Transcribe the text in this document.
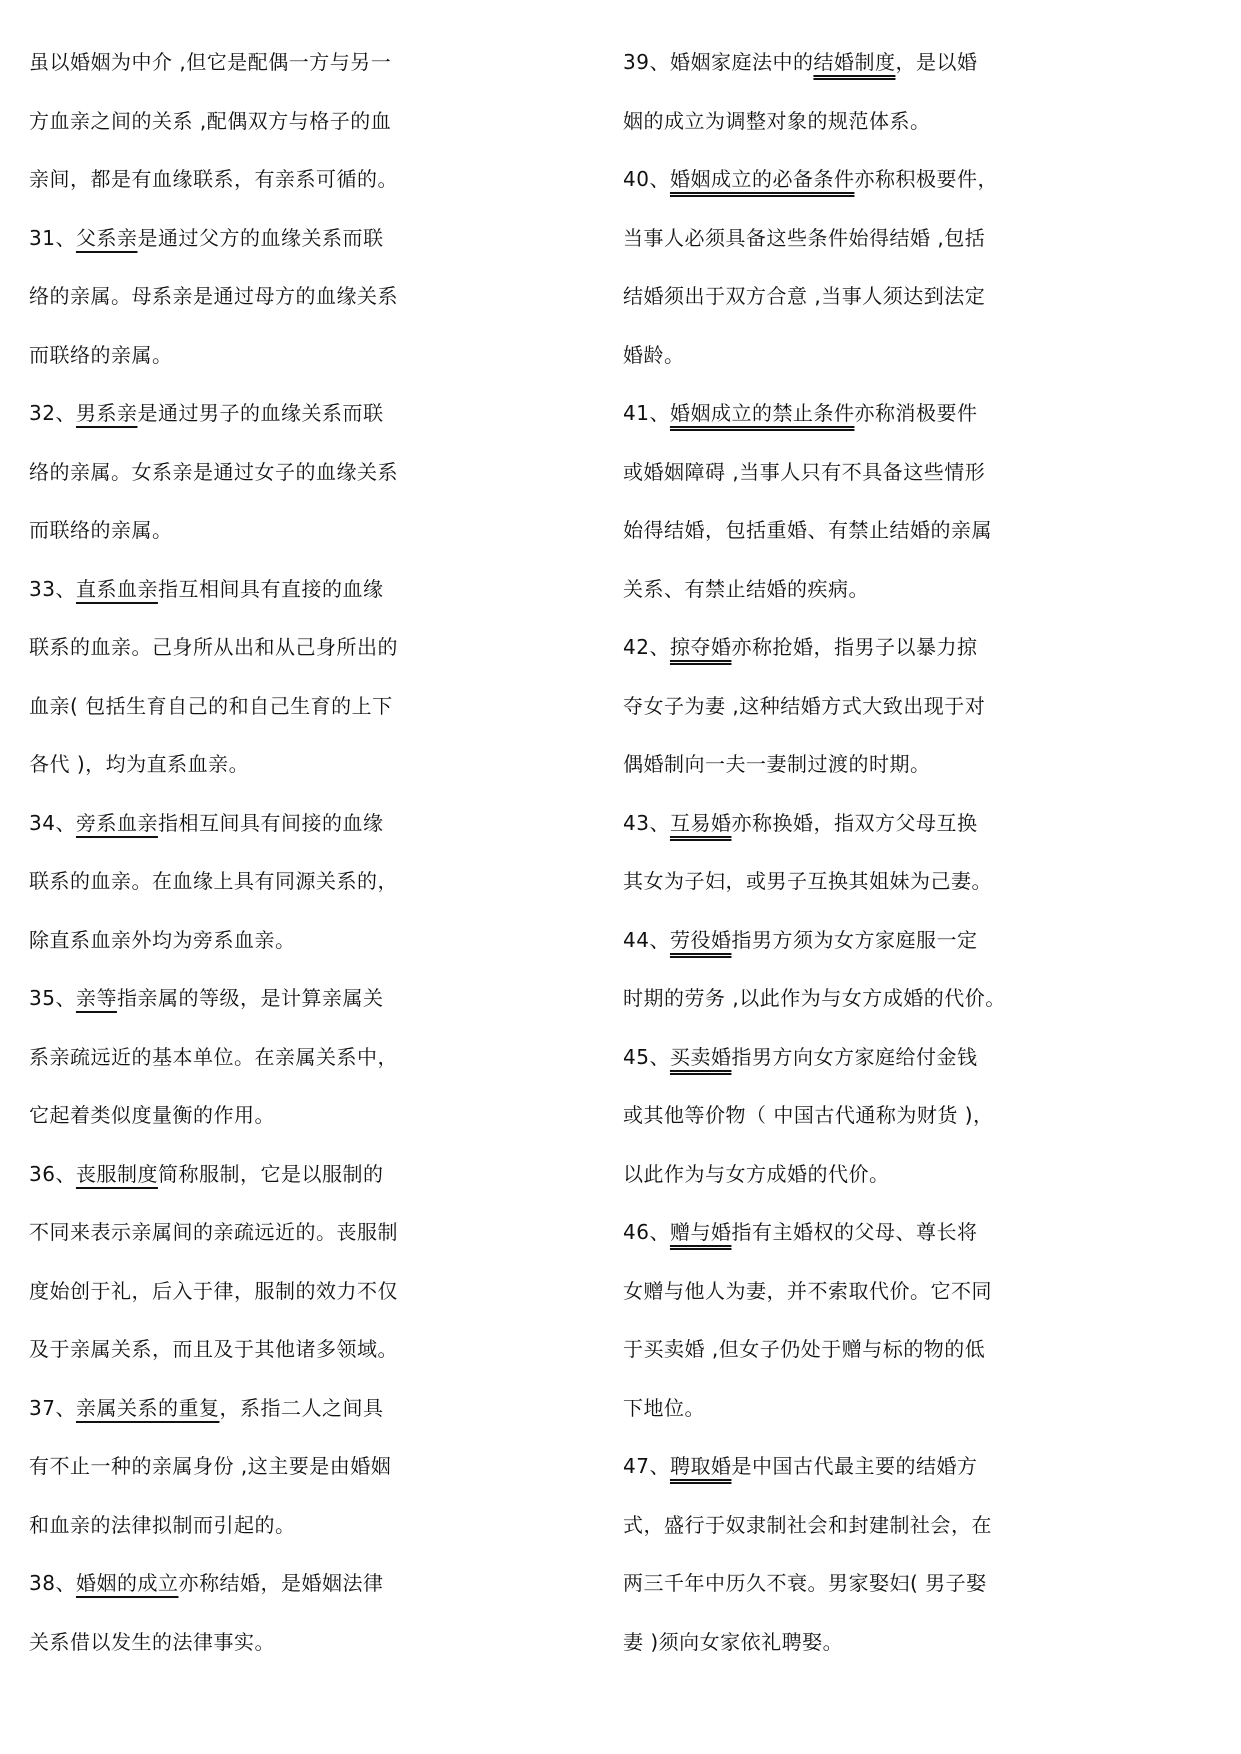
虽以婚姻为中介 ,但它是配偶一方与另一
方血亲之间的关系 ,配偶双方与格子的血
亲间，都是有血缘联系，有亲系可循的。
31、父系亲是通过父方的血缘关系而联
络的亲属。母系亲是通过母方的血缘关系
而联络的亲属。
32、男系亲是通过男子的血缘关系而联
络的亲属。女系亲是通过女子的血缘关系
而联络的亲属。
33、直系血亲指互相间具有直接的血缘
联系的血亲。己身所从出和从己身所出的
血亲( 包括生育自己的和自己生育的上下
各代 )，均为直系血亲。
34、旁系血亲指相互间具有间接的血缘
联系的血亲。在血缘上具有同源关系的，
除直系血亲外均为旁系血亲。
35、亲等指亲属的等级，是计算亲属关
系亲疏远近的基本单位。在亲属关系中，
它起着类似度量衡的作用。
36、丧服制度简称服制，它是以服制的
不同来表示亲属间的亲疏远近的。丧服制
度始创于礼，后入于律，服制的效力不仅
及于亲属关系，而且及于其他诸多领域。
37、亲属关系的重复，系指二人之间具
有不止一种的亲属身份 ,这主要是由婚姻
和血亲的法律拟制而引起的。
38、婚姻的成立亦称结婚，是婚姻法律
关系借以发生的法律事实。
39、婚姻家庭法中的结婚制度，是以婚
姻的成立为调整对象的规范体系。
40、婚姻成立的必备条件亦称积极要件，
当事人必须具备这些条件始得结婚 ,包括
结婚须出于双方合意 ,当事人须达到法定
婚龄。
41、婚姻成立的禁止条件亦称消极要件
或婚姻障碍 ,当事人只有不具备这些情形
始得结婚，包括重婚、有禁止结婚的亲属
关系、有禁止结婚的疾病。
42、掠夺婚亦称抢婚，指男子以暴力掠
夺女子为妻 ,这种结婚方式大致出现于对
偶婚制向一夫一妻制过渡的时期。
43、互易婚亦称换婚，指双方父母互换
其女为子妇，或男子互换其姐妹为己妻。
44、劳役婚指男方须为女方家庭服一定
时期的劳务 ,以此作为与女方成婚的代价。
45、买卖婚指男方向女方家庭给付金钱
或其他等价物（ 中国古代通称为财货 )，
以此作为与女方成婚的代价。
46、赠与婚指有主婚权的父母、尊长将
女赠与他人为妻，并不索取代价。它不同
于买卖婚 ,但女子仍处于赠与标的物的低
下地位。
47、聘取婚是中国古代最主要的结婚方
式，盛行于奴隶制社会和封建制社会，在
两三千年中历久不衰。男家娶妇( 男子娶
妻 )须向女家依礼聘娶。
